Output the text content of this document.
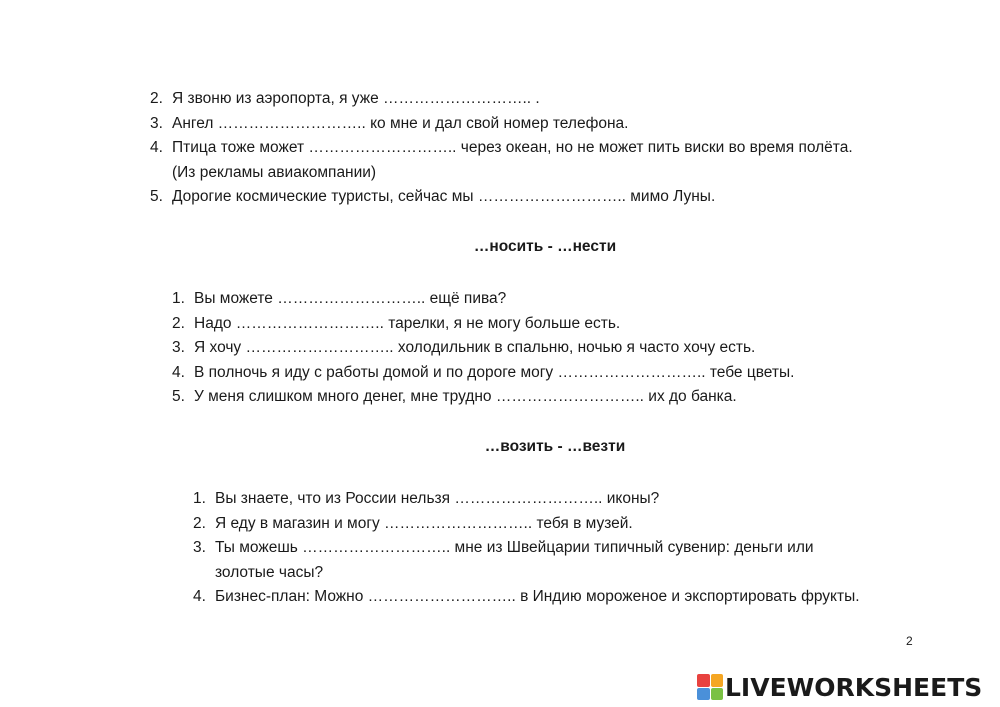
2. Я звоню из аэропорта, я уже ……………………….. .
3. Ангел ……………………….. ко мне и дал свой номер телефона.
4. Птица тоже может ……………………….. через океан, но не может пить виски во время полёта.
(Из рекламы авиакомпании)
5. Дорогие космические туристы, сейчас мы ……………………….. мимо Луны.
…носить - …нести
1. Вы можете ……………………….. ещё пива?
2. Надо ……………………….. тарелки, я не могу больше есть.
3. Я хочу ……………………….. холодильник в спальню, ночью я часто хочу есть.
4. В полночь я иду с работы домой и по дороге могу ……………………….. тебе цветы.
5. У меня слишком много денег, мне трудно ……………………….. их до банка.
…возить - …везти
1. Вы знаете, что из России нельзя ……………………….. иконы?
2. Я еду в магазин и могу ……………………….. тебя в музей.
3. Ты можешь ……………………….. мне из Швейцарии типичный сувенир: деньги или
золотые часы?
4. Бизнес-план: Можно ……………………….. в Индию мороженое и экспортировать фрукты.
2
LIVEWORKSHEETS
